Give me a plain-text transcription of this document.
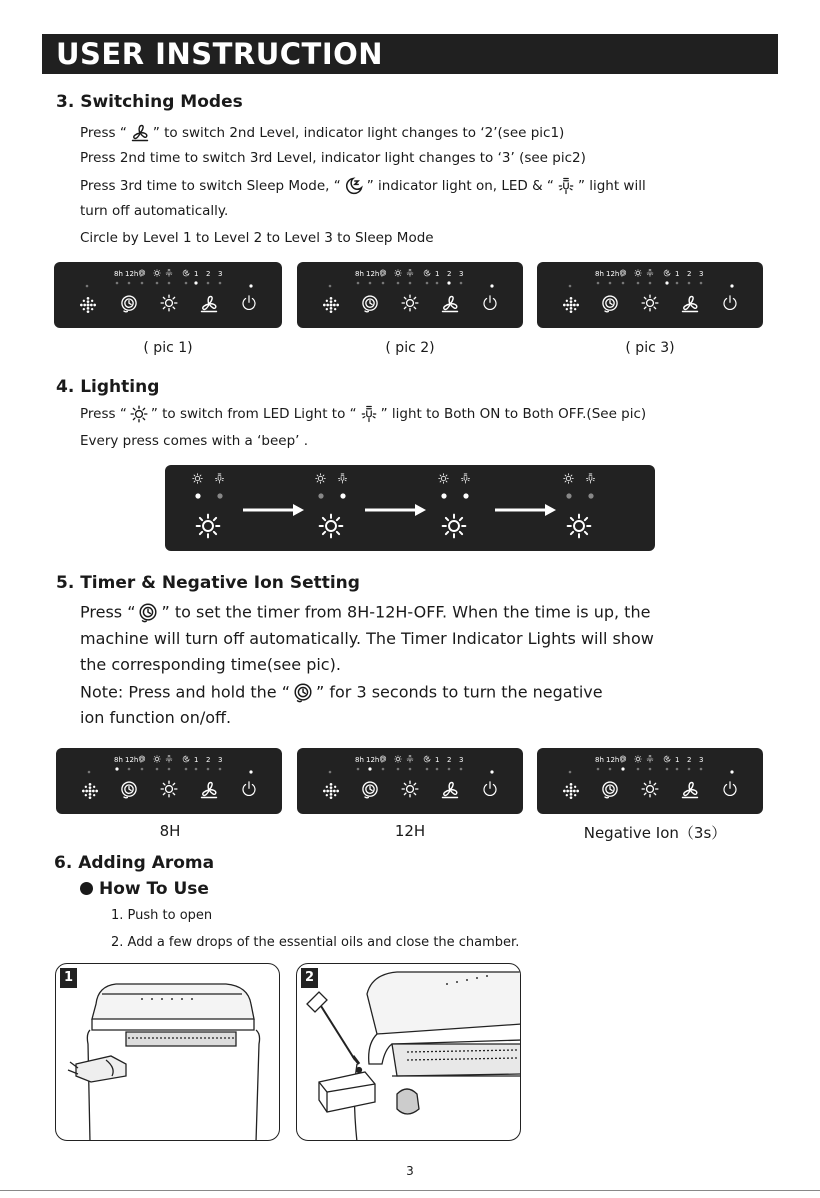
USER INSTRUCTION
3. Switching Modes
Press “ ” to switch 2nd Level, indicator light changes to ‘2’(see pic1)
Press 2nd time to switch 3rd Level, indicator light changes to ‘3’ (see pic2)
Press 3rd time to switch Sleep Mode, “ ” indicator light on, LED & “ ” light will
turn off automatically.
Circle by Level 1 to Level 2 to Level 3 to Sleep Mode
8h 12h	1 2 3	8h 12h	1 2 3	8h 12h	1 2 3
( pic 1)	( pic 2)	( pic 3)
4. Lighting
Press “ ” to switch from LED Light to “ ” light to Both ON to Both OFF.(See pic)
Every press comes with a ‘beep’ .
5. Timer & Negative Ion Setting
Press “ ” to set the timer from 8H-12H-OFF. When the time is up, the
machine will turn off automatically. The Timer Indicator Lights will show
the corresponding time(see pic).
Note: Press and hold the “ ” for 3 seconds to turn the negative
ion function on/off.
8h 12h	1 2 3	8h 12h	1 2 3	8h 12h	1 2 3
8H	12H	Negative Ion（3s）
6. Adding Aroma
How To Use
1. Push to open
2. Add a few drops of the essential oils and close the chamber.
1	2
3
